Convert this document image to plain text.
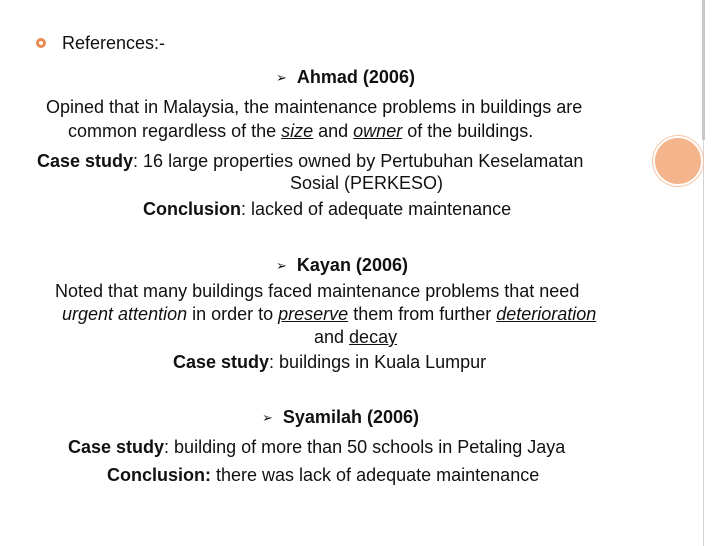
References:-
➢ Ahmad (2006)
Opined that in Malaysia, the maintenance problems in buildings are
common regardless of the size and owner of the buildings.
Case study: 16 large properties owned by Pertubuhan Keselamatan
Sosial (PERKESO)
Conclusion: lacked of adequate maintenance
➢ Kayan (2006)
Noted that many buildings faced maintenance problems that need
urgent attention in order to preserve them from further deterioration
and decay
Case study: buildings in Kuala Lumpur
➢ Syamilah (2006)
Case study: building of more than 50 schools in Petaling Jaya
Conclusion: there was lack of adequate maintenance
